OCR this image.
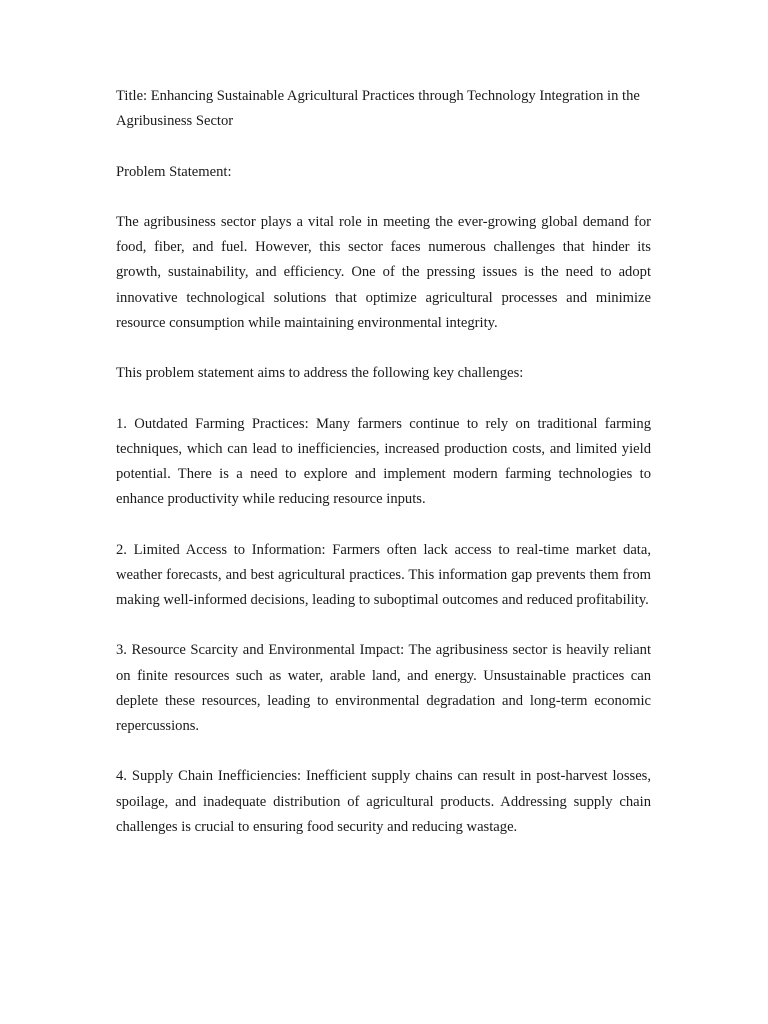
Title: Enhancing Sustainable Agricultural Practices through Technology Integration in the Agribusiness Sector

Problem Statement:

The agribusiness sector plays a vital role in meeting the ever-growing global demand for food, fiber, and fuel. However, this sector faces numerous challenges that hinder its growth, sustainability, and efficiency. One of the pressing issues is the need to adopt innovative technological solutions that optimize agricultural processes and minimize resource consumption while maintaining environmental integrity.

This problem statement aims to address the following key challenges:

1. Outdated Farming Practices: Many farmers continue to rely on traditional farming techniques, which can lead to inefficiencies, increased production costs, and limited yield potential. There is a need to explore and implement modern farming technologies to enhance productivity while reducing resource inputs.

2. Limited Access to Information: Farmers often lack access to real-time market data, weather forecasts, and best agricultural practices. This information gap prevents them from making well-informed decisions, leading to suboptimal outcomes and reduced profitability.

3. Resource Scarcity and Environmental Impact: The agribusiness sector is heavily reliant on finite resources such as water, arable land, and energy. Unsustainable practices can deplete these resources, leading to environmental degradation and long-term economic repercussions.

4. Supply Chain Inefficiencies: Inefficient supply chains can result in post-harvest losses, spoilage, and inadequate distribution of agricultural products. Addressing supply chain challenges is crucial to ensuring food security and reducing wastage.
